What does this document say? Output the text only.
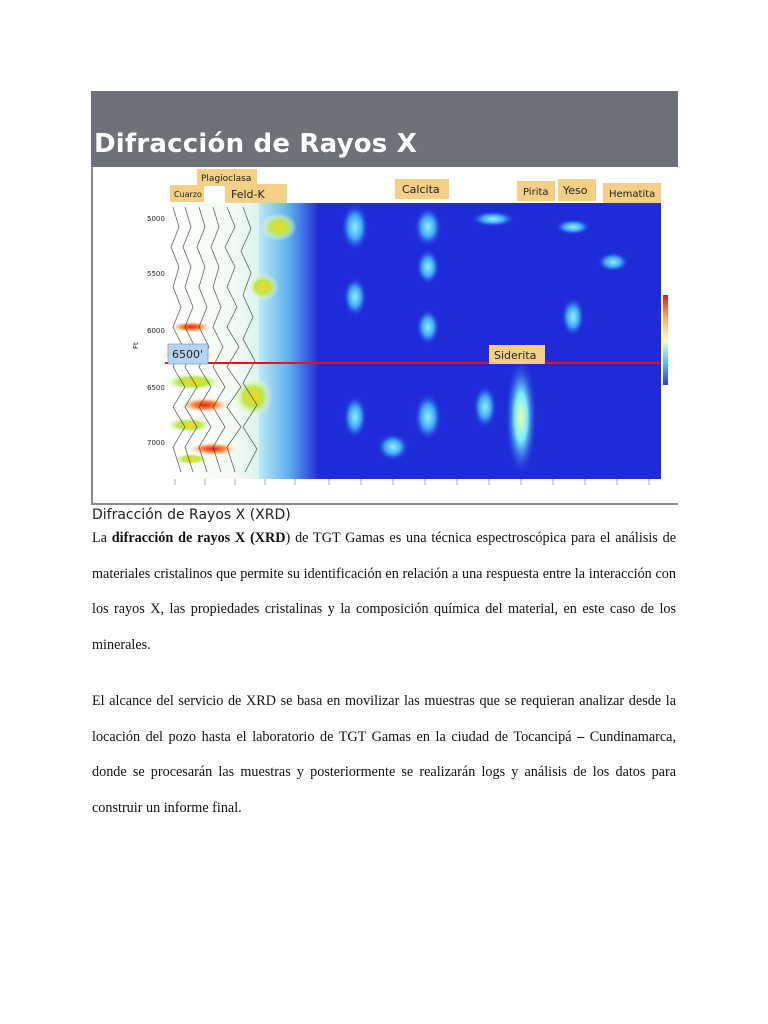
Difracción de Rayos X
Ft
5000
5500
6000
6500
7000
Cuarzo
Plagioclasa
Feld-K	Calcita	Pirita Yeso Hematita
Siderita
6500'
Difracción de Rayos X (XRD)

La difracción de rayos X (XRD) de TGT Gamas es una técnica espectroscópica para el análisis de materiales cristalinos que permite su identificación en relación a una respuesta entre la interacción con los rayos X, las propiedades cristalinas y la composición química del material, en este caso de los minerales.

El alcance del servicio de XRD se basa en movilizar las muestras que se requieran analizar desde la locación del pozo hasta el laboratorio de TGT Gamas en la ciudad de Tocancipá – Cundinamarca, donde se procesarán las muestras y posteriormente se realizarán logs y análisis de los datos para construir un informe final.
